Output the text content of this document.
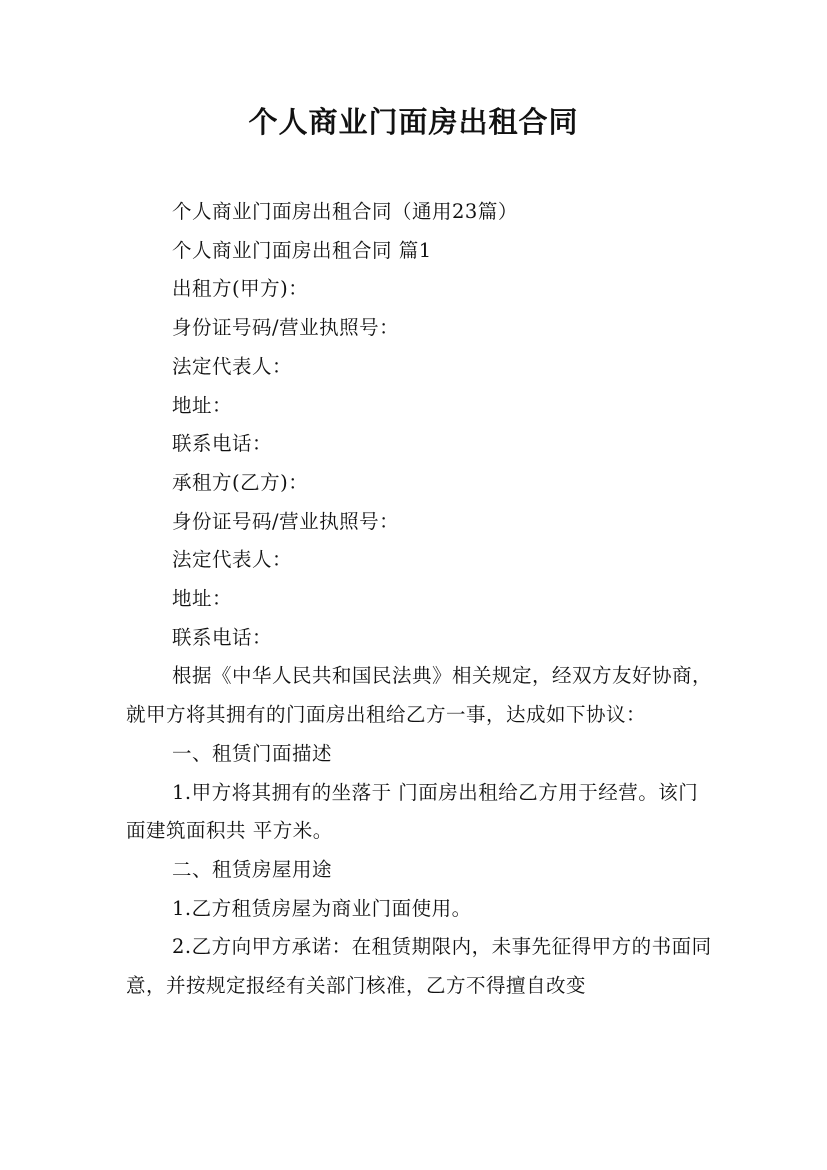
个人商业门面房出租合同

个人商业门面房出租合同（通用23篇）

个人商业门面房出租合同 篇1

出租方(甲方)：

身份证号码/营业执照号：

法定代表人：

地址：

联系电话：

承租方(乙方)：

身份证号码/营业执照号：

法定代表人：

地址：

联系电话：

根据《中华人民共和国民法典》相关规定，经双方友好协商，就甲方将其拥有的门面房出租给乙方一事，达成如下协议：

一、租赁门面描述

1.甲方将其拥有的坐落于 门面房出租给乙方用于经营。该门面建筑面积共 平方米。

二、租赁房屋用途

1.乙方租赁房屋为商业门面使用。

2.乙方向甲方承诺：在租赁期限内，未事先征得甲方的书面同意，并按规定报经有关部门核准，乙方不得擅自改变
